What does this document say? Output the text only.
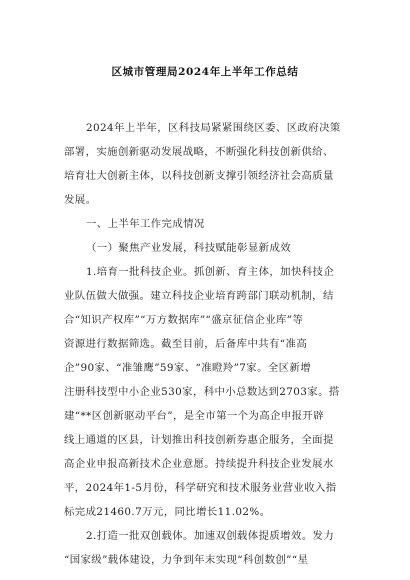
区城市管理局2024年上半年工作总结
2024年上半年，区科技局紧紧围绕区委、区政府决策
部署，实施创新驱动发展战略，不断强化科技创新供给、
培育壮大创新主体，以科技创新支撑引领经济社会高质量
发展。
一、上半年工作完成情况
（一）聚焦产业发展，科技赋能彰显新成效
1.培育一批科技企业。抓创新、育主体，加快科技企
业队伍做大做强。建立科技企业培育跨部门联动机制，结
合“知识产权库”“万方数据库”“盛京征信企业库”等
资源进行数据筛选。截至目前，后备库中共有“准高
企”90家、“准雏鹰”59家、“准瞪羚”7家。全区新增
注册科技型中小企业530家，科中小总数达到2703家。搭
建“**区创新驱动平台”，是全市第一个为高企申报开辟
线上通道的区县，计划推出科技创新券惠企服务，全面提
高企业申报高新技术企业意愿。持续提升科技企业发展水
平，2024年1-5月份，科学研究和技术服务业营业收入指
标完成21460.7万元，同比增长11.02%。
2.打造一批双创载体。加速双创载体提质增效。发力
“国家级”载体建设，力争到年末实现“科创数创”“星
